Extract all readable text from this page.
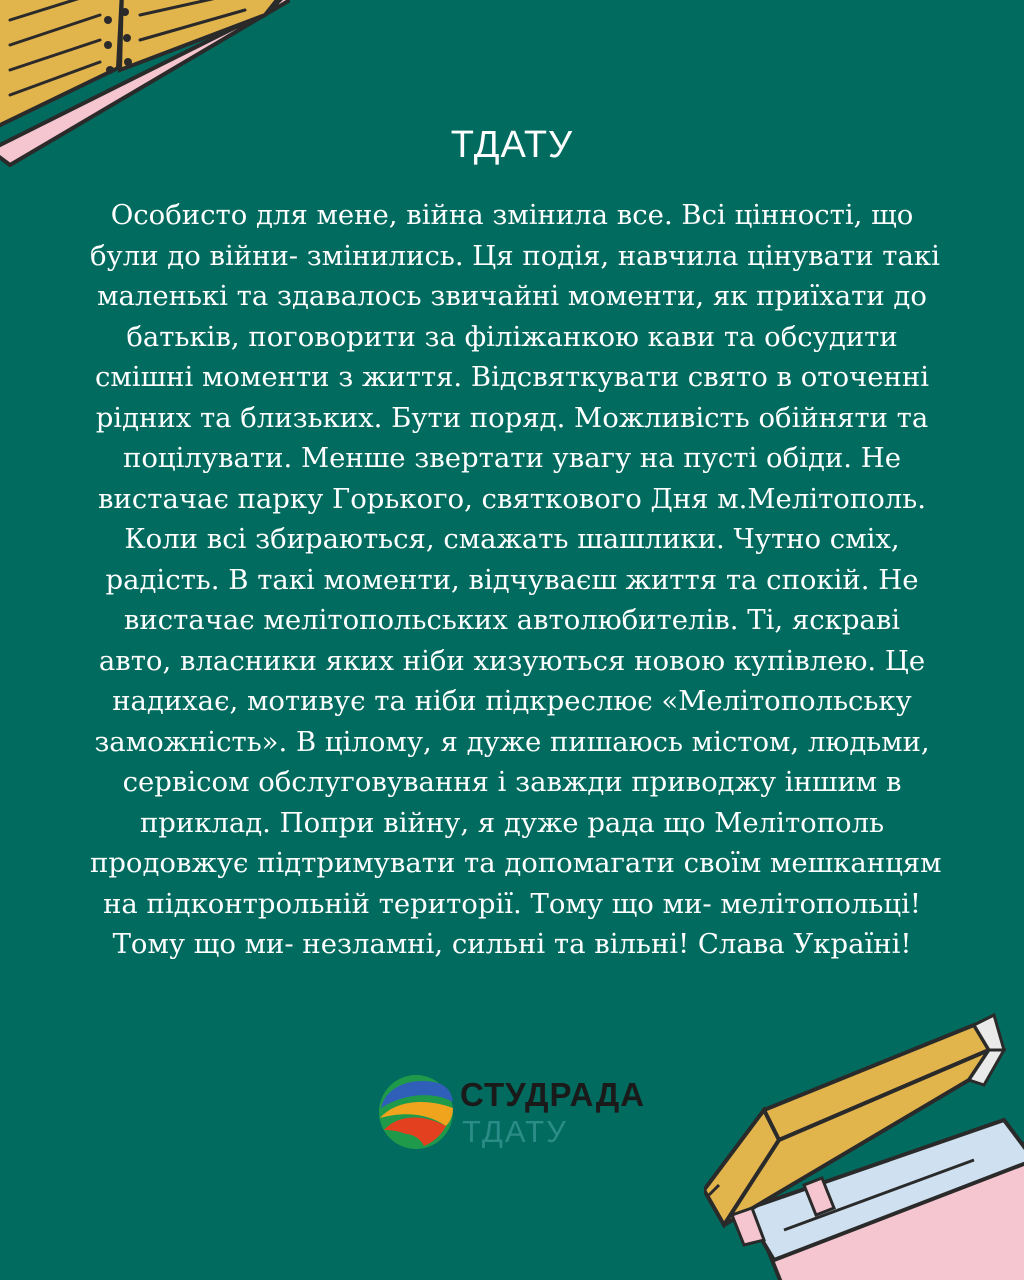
ТДАТУ
Особисто для мене, війна змінила все. Всі цінності, що
були до війни- змінились. Ця подія, навчила цінувати такі
маленькі та здавалось звичайні моменти, як приїхати до
батьків, поговорити за філіжанкою кави та обсудити
смішні моменти з життя. Відсвяткувати свято в оточенні
рідних та близьких. Бути поряд. Можливість обійняти та
поцілувати. Менше звертати увагу на пусті обіди. Не
вистачає парку Горького, святкового Дня м.Мелітополь.
Коли всі збираються, смажать шашлики. Чутно сміх,
радість. В такі моменти, відчуваєш життя та спокій. Не
вистачає мелітопольських автолюбителів. Ті, яскраві
авто, власники яких ніби хизуються новою купівлею. Це
надихає, мотивує та ніби підкреслює «Мелітопольську
заможність». В цілому, я дуже пишаюсь містом, людьми,
сервісом обслуговування і завжди приводжу іншим в
приклад. Попри війну, я дуже рада що Мелітополь
продовжує підтримувати та допомагати своїм мешканцям
на підконтрольній території. Тому що ми- мелітопольці!
Тому що ми- незламні, сильні та вільні! Слава Україні!
СТУДРАДА
ТДАТУ
